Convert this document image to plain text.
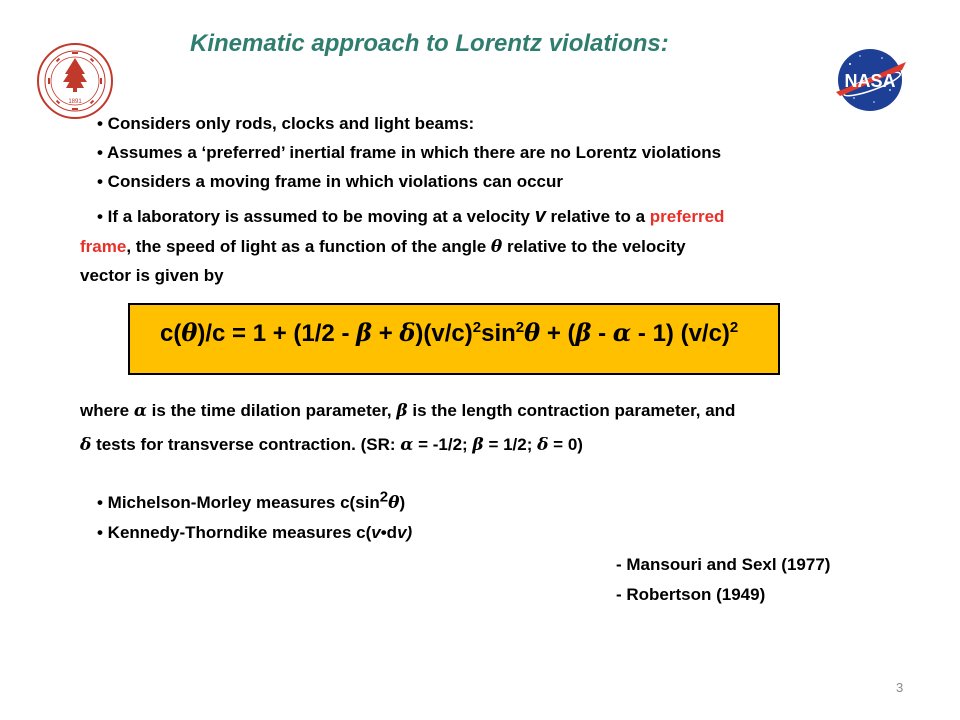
1891
NASA
Kinematic approach to Lorentz violations:
• Considers only rods, clocks and light beams:
• Assumes a ‘preferred’ inertial frame in which there are no Lorentz violations
• Considers a moving frame in which violations can occur
• If a laboratory is assumed to be moving at a velocity v relative to a preferred
frame, the speed of light as a function of the angle θ relative to the velocity
vector is given by
$c(\theta)/c = 1 + (1/2 - \beta + \delta)(v/c)^2\sin^2\theta + (\beta - \alpha - 1)$ $(v/c)^2$
where α is the time dilation parameter, β is the length contraction parameter, and
δ tests for transverse contraction. (SR: α = -1/2; β = 1/2; δ = 0)
• Michelson-Morley measures $c(\sin^2\theta)$
• Kennedy-Thorndike measures c(v•dv)
- Mansouri and Sexl (1977)
- Robertson (1949)
3
